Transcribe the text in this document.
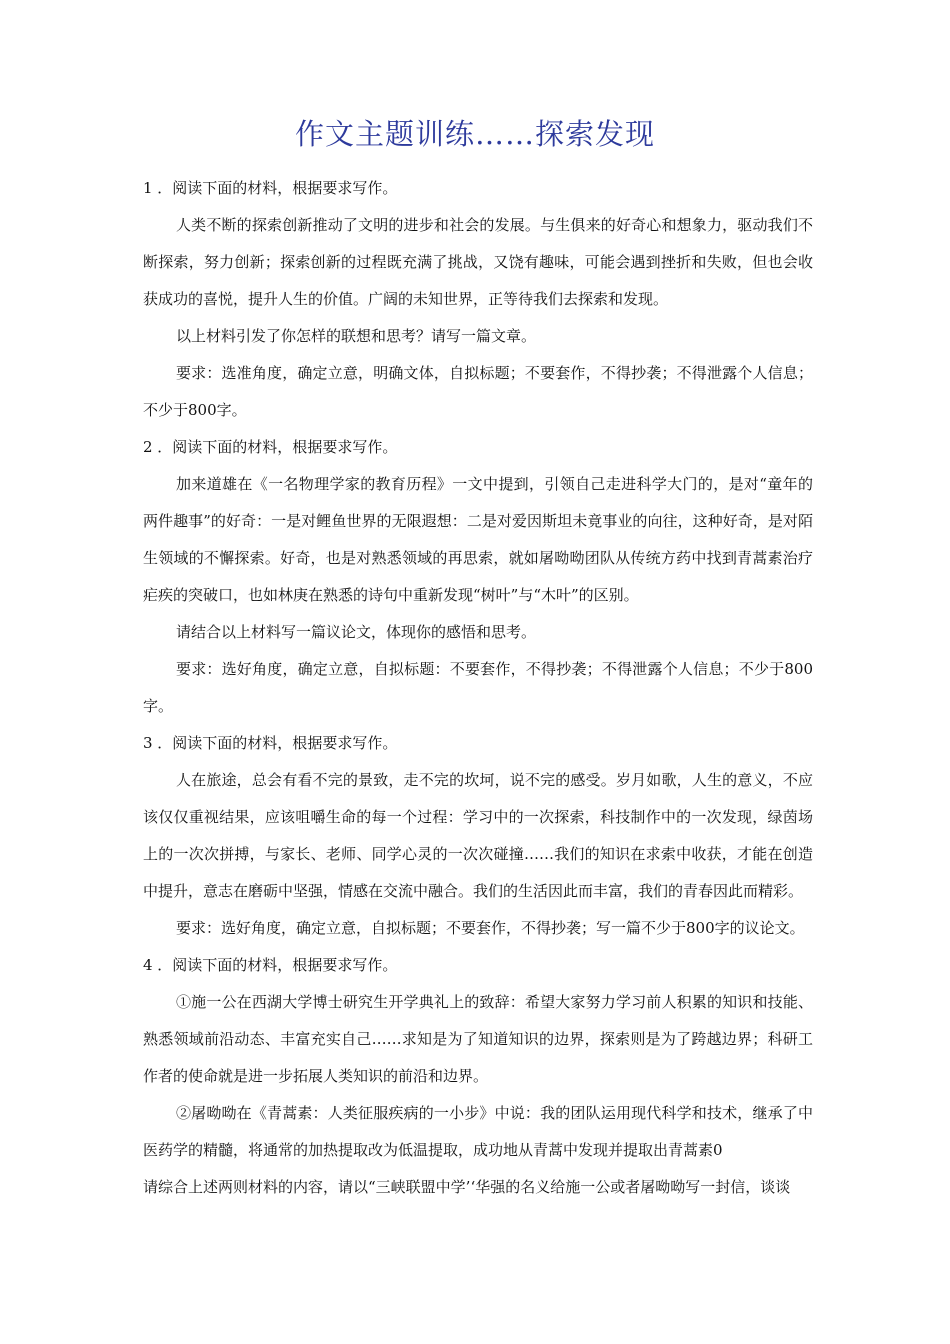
作文主题训练……探索发现

1 ．阅读下面的材料，根据要求写作。

人类不断的探索创新推动了文明的进步和社会的发展。与生俱来的好奇心和想象力，驱动我们不断探索，努力创新；探索创新的过程既充满了挑战，又饶有趣味，可能会遇到挫折和失败，但也会收获成功的喜悦，提升人生的价值。广阔的未知世界，正等待我们去探索和发现。

以上材料引发了你怎样的联想和思考？请写一篇文章。

要求：选准角度，确定立意，明确文体，自拟标题；不要套作，不得抄袭；不得泄露个人信息；不少于800字。

2 ．阅读下面的材料，根据要求写作。

加来道雄在《一名物理学家的教育历程》一文中提到，引领自己走进科学大门的，是对“童年的两件趣事”的好奇：一是对鲤鱼世界的无限遐想：二是对爱因斯坦未竟事业的向往，这种好奇，是对陌生领域的不懈探索。好奇，也是对熟悉领域的再思索，就如屠呦呦团队从传统方药中找到青蒿素治疗疟疾的突破口，也如林庚在熟悉的诗句中重新发现“树叶”与“木叶”的区别。

请结合以上材料写一篇议论文，体现你的感悟和思考。

要求：选好角度，确定立意，自拟标题：不要套作，不得抄袭；不得泄露个人信息；不少于800字。

3 ．阅读下面的材料，根据要求写作。

人在旅途，总会有看不完的景致，走不完的坎坷，说不完的感受。岁月如歌，人生的意义，不应该仅仅重视结果，应该咀嚼生命的每一个过程：学习中的一次探索，科技制作中的一次发现，绿茵场上的一次次拼搏，与家长、老师、同学心灵的一次次碰撞……我们的知识在求索中收获，才能在创造中提升，意志在磨砺中坚强，情感在交流中融合。我们的生活因此而丰富，我们的青春因此而精彩。

要求：选好角度，确定立意，自拟标题；不要套作，不得抄袭；写一篇不少于800字的议论文。

4 ．阅读下面的材料，根据要求写作。

①施一公在西湖大学博士研究生开学典礼上的致辞：希望大家努力学习前人积累的知识和技能、熟悉领域前沿动态、丰富充实自己……求知是为了知道知识的边界，探索则是为了跨越边界；科研工作者的使命就是进一步拓展人类知识的前沿和边界。

②屠呦呦在《青蒿素：人类征服疾病的一小步》中说：我的团队运用现代科学和技术，继承了中医药学的精髓，将通常的加热提取改为低温提取，成功地从青蒿中发现并提取出青蒿素0

请综合上述两则材料的内容，请以“三峡联盟中学’‘华强的名义给施一公或者屠呦呦写一封信，谈谈
